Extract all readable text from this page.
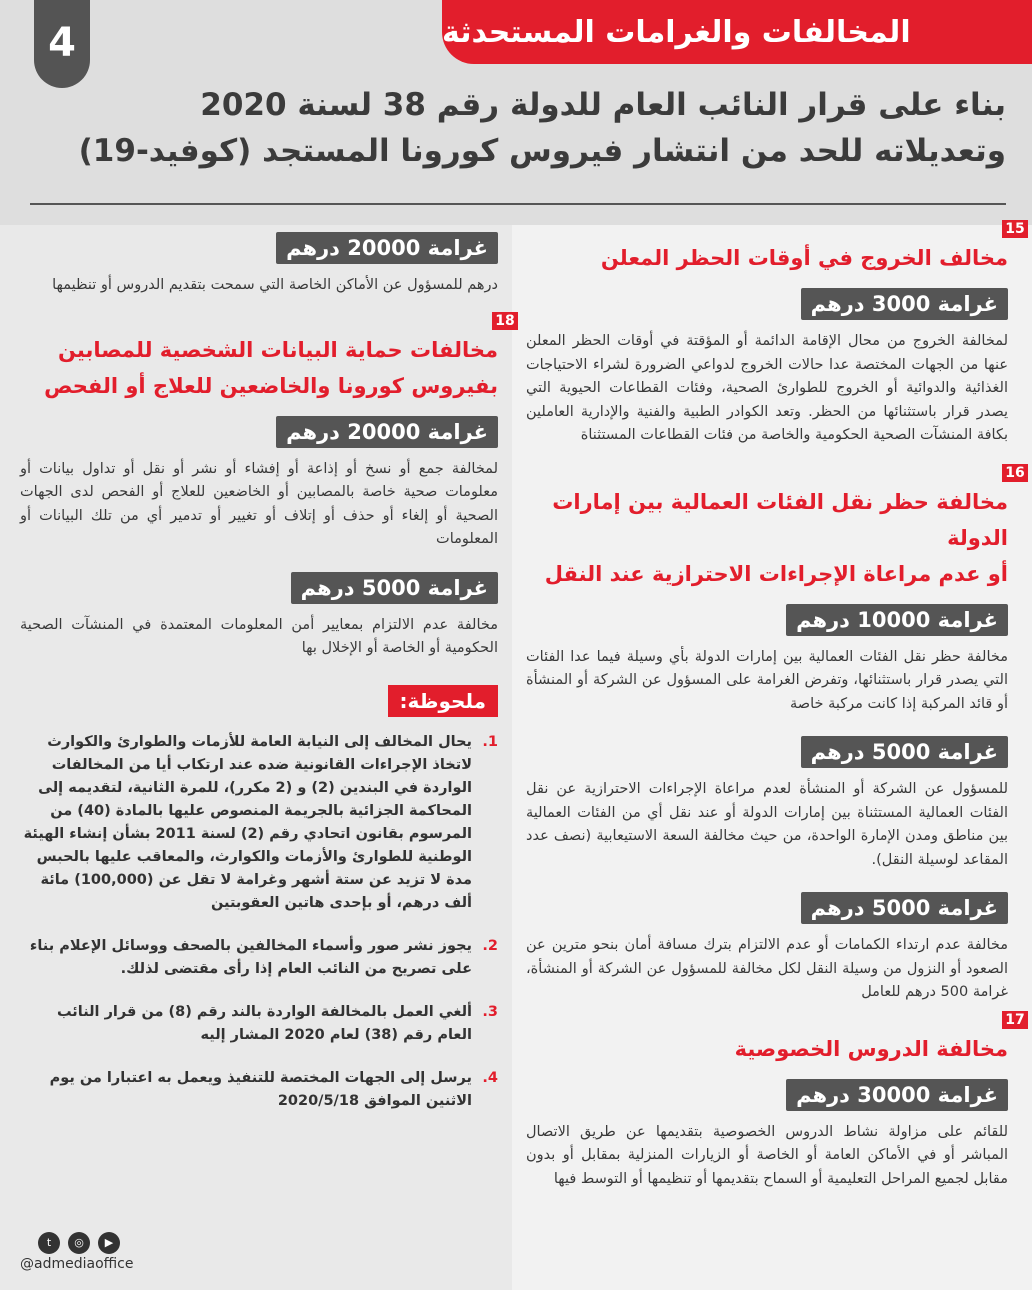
4	المخالفات والغرامات المستحدثة
بناء على قرار النائب العام للدولة رقم 38 لسنة 2020
وتعديلاته للحد من انتشار فيروس كورونا المستجد (كوفيد-19)
15
مخالف الخروج في أوقات الحظر المعلن
غرامة 3000 درهم
لمخالفة الخروج من محال الإقامة الدائمة أو المؤقتة في أوقات الحظر المعلن عنها من الجهات المختصة عدا حالات الخروج لدواعي الضرورة لشراء الاحتياجات الغذائية والدوائية أو الخروج للطوارئ الصحية، وفئات القطاعات الحيوية التي يصدر قرار باستثنائها من الحظر. وتعد الكوادر الطبية والفنية والإدارية العاملين بكافة المنشآت الصحية الحكومية والخاصة من فئات القطاعات المستثناة
16
مخالفة حظر نقل الفئات العمالية بين إمارات الدولة
أو عدم مراعاة الإجراءات الاحترازية عند النقل
غرامة 10000 درهم
مخالفة حظر نقل الفئات العمالية بين إمارات الدولة بأي وسيلة فيما عدا الفئات التي يصدر قرار باستثنائها، وتفرض الغرامة على المسؤول عن الشركة أو المنشأة أو قائد المركبة إذا كانت مركبة خاصة
غرامة 5000 درهم
للمسؤول عن الشركة أو المنشأة لعدم مراعاة الإجراءات الاحترازية عن نقل الفئات العمالية المستثناة بين إمارات الدولة أو عند نقل أي من الفئات العمالية بين مناطق ومدن الإمارة الواحدة، من حيث مخالفة السعة الاستيعابية (نصف عدد المقاعد لوسيلة النقل).
غرامة 5000 درهم
مخالفة عدم ارتداء الكمامات أو عدم الالتزام بترك مسافة أمان بنحو مترين عن الصعود أو النزول من وسيلة النقل لكل مخالفة للمسؤول عن الشركة أو المنشأة، غرامة 500 درهم للعامل
17
مخالفة الدروس الخصوصية
غرامة 30000 درهم
للقائم على مزاولة نشاط الدروس الخصوصية بتقديمها عن طريق الاتصال المباشر أو في الأماكن العامة أو الخاصة أو الزيارات المنزلية بمقابل أو بدون مقابل لجميع المراحل التعليمية أو السماح بتقديمها أو تنظيمها أو التوسط فيها
غرامة 20000 درهم
درهم للمسؤول عن الأماكن الخاصة التي سمحت بتقديم الدروس أو تنظيمها
18
مخالفات حماية البيانات الشخصية للمصابين
بفيروس كورونا والخاضعين للعلاج أو الفحص
غرامة 20000 درهم
لمخالفة جمع أو نسخ أو إذاعة أو إفشاء أو نشر أو نقل أو تداول بيانات أو معلومات صحية خاصة بالمصابين أو الخاضعين للعلاج أو الفحص لدى الجهات الصحية أو إلغاء أو حذف أو إتلاف أو تغيير أو تدمير أي من تلك البيانات أو المعلومات
غرامة 5000 درهم
مخالفة عدم الالتزام بمعايير أمن المعلومات المعتمدة في المنشآت الصحية الحكومية أو الخاصة أو الإخلال بها
ملحوظة:
1.
يحال المخالف إلى النيابة العامة للأزمات والطوارئ والكوارث لاتخاذ الإجراءات القانونية ضده عند ارتكاب أيا من المخالفات الواردة في البندين (2) و (2 مكرر)، للمرة الثانية، لتقديمه إلى المحاكمة الجزائية بالجريمة المنصوص عليها بالمادة (40) من المرسوم بقانون اتحادي رقم (2) لسنة 2011 بشأن إنشاء الهيئة الوطنية للطوارئ والأزمات والكوارث، والمعاقب عليها بالحبس مدة لا تزيد عن ستة أشهر وغرامة لا تقل عن (100,000) مائة ألف درهم، أو بإحدى هاتين العقوبتين
2.
يجوز نشر صور وأسماء المخالفين بالصحف ووسائل الإعلام بناء على تصريح من النائب العام إذا رأى مقتضى لذلك.
3.
ألغي العمل بالمخالفة الواردة بالند رقم (8) من قرار النائب العام رقم (38) لعام 2020 المشار إليه
4.
يرسل إلى الجهات المختصة للتنفيذ ويعمل به اعتبارا من يوم الاثنين الموافق 2020/5/18
t	◎	▶
@admediaoffice
